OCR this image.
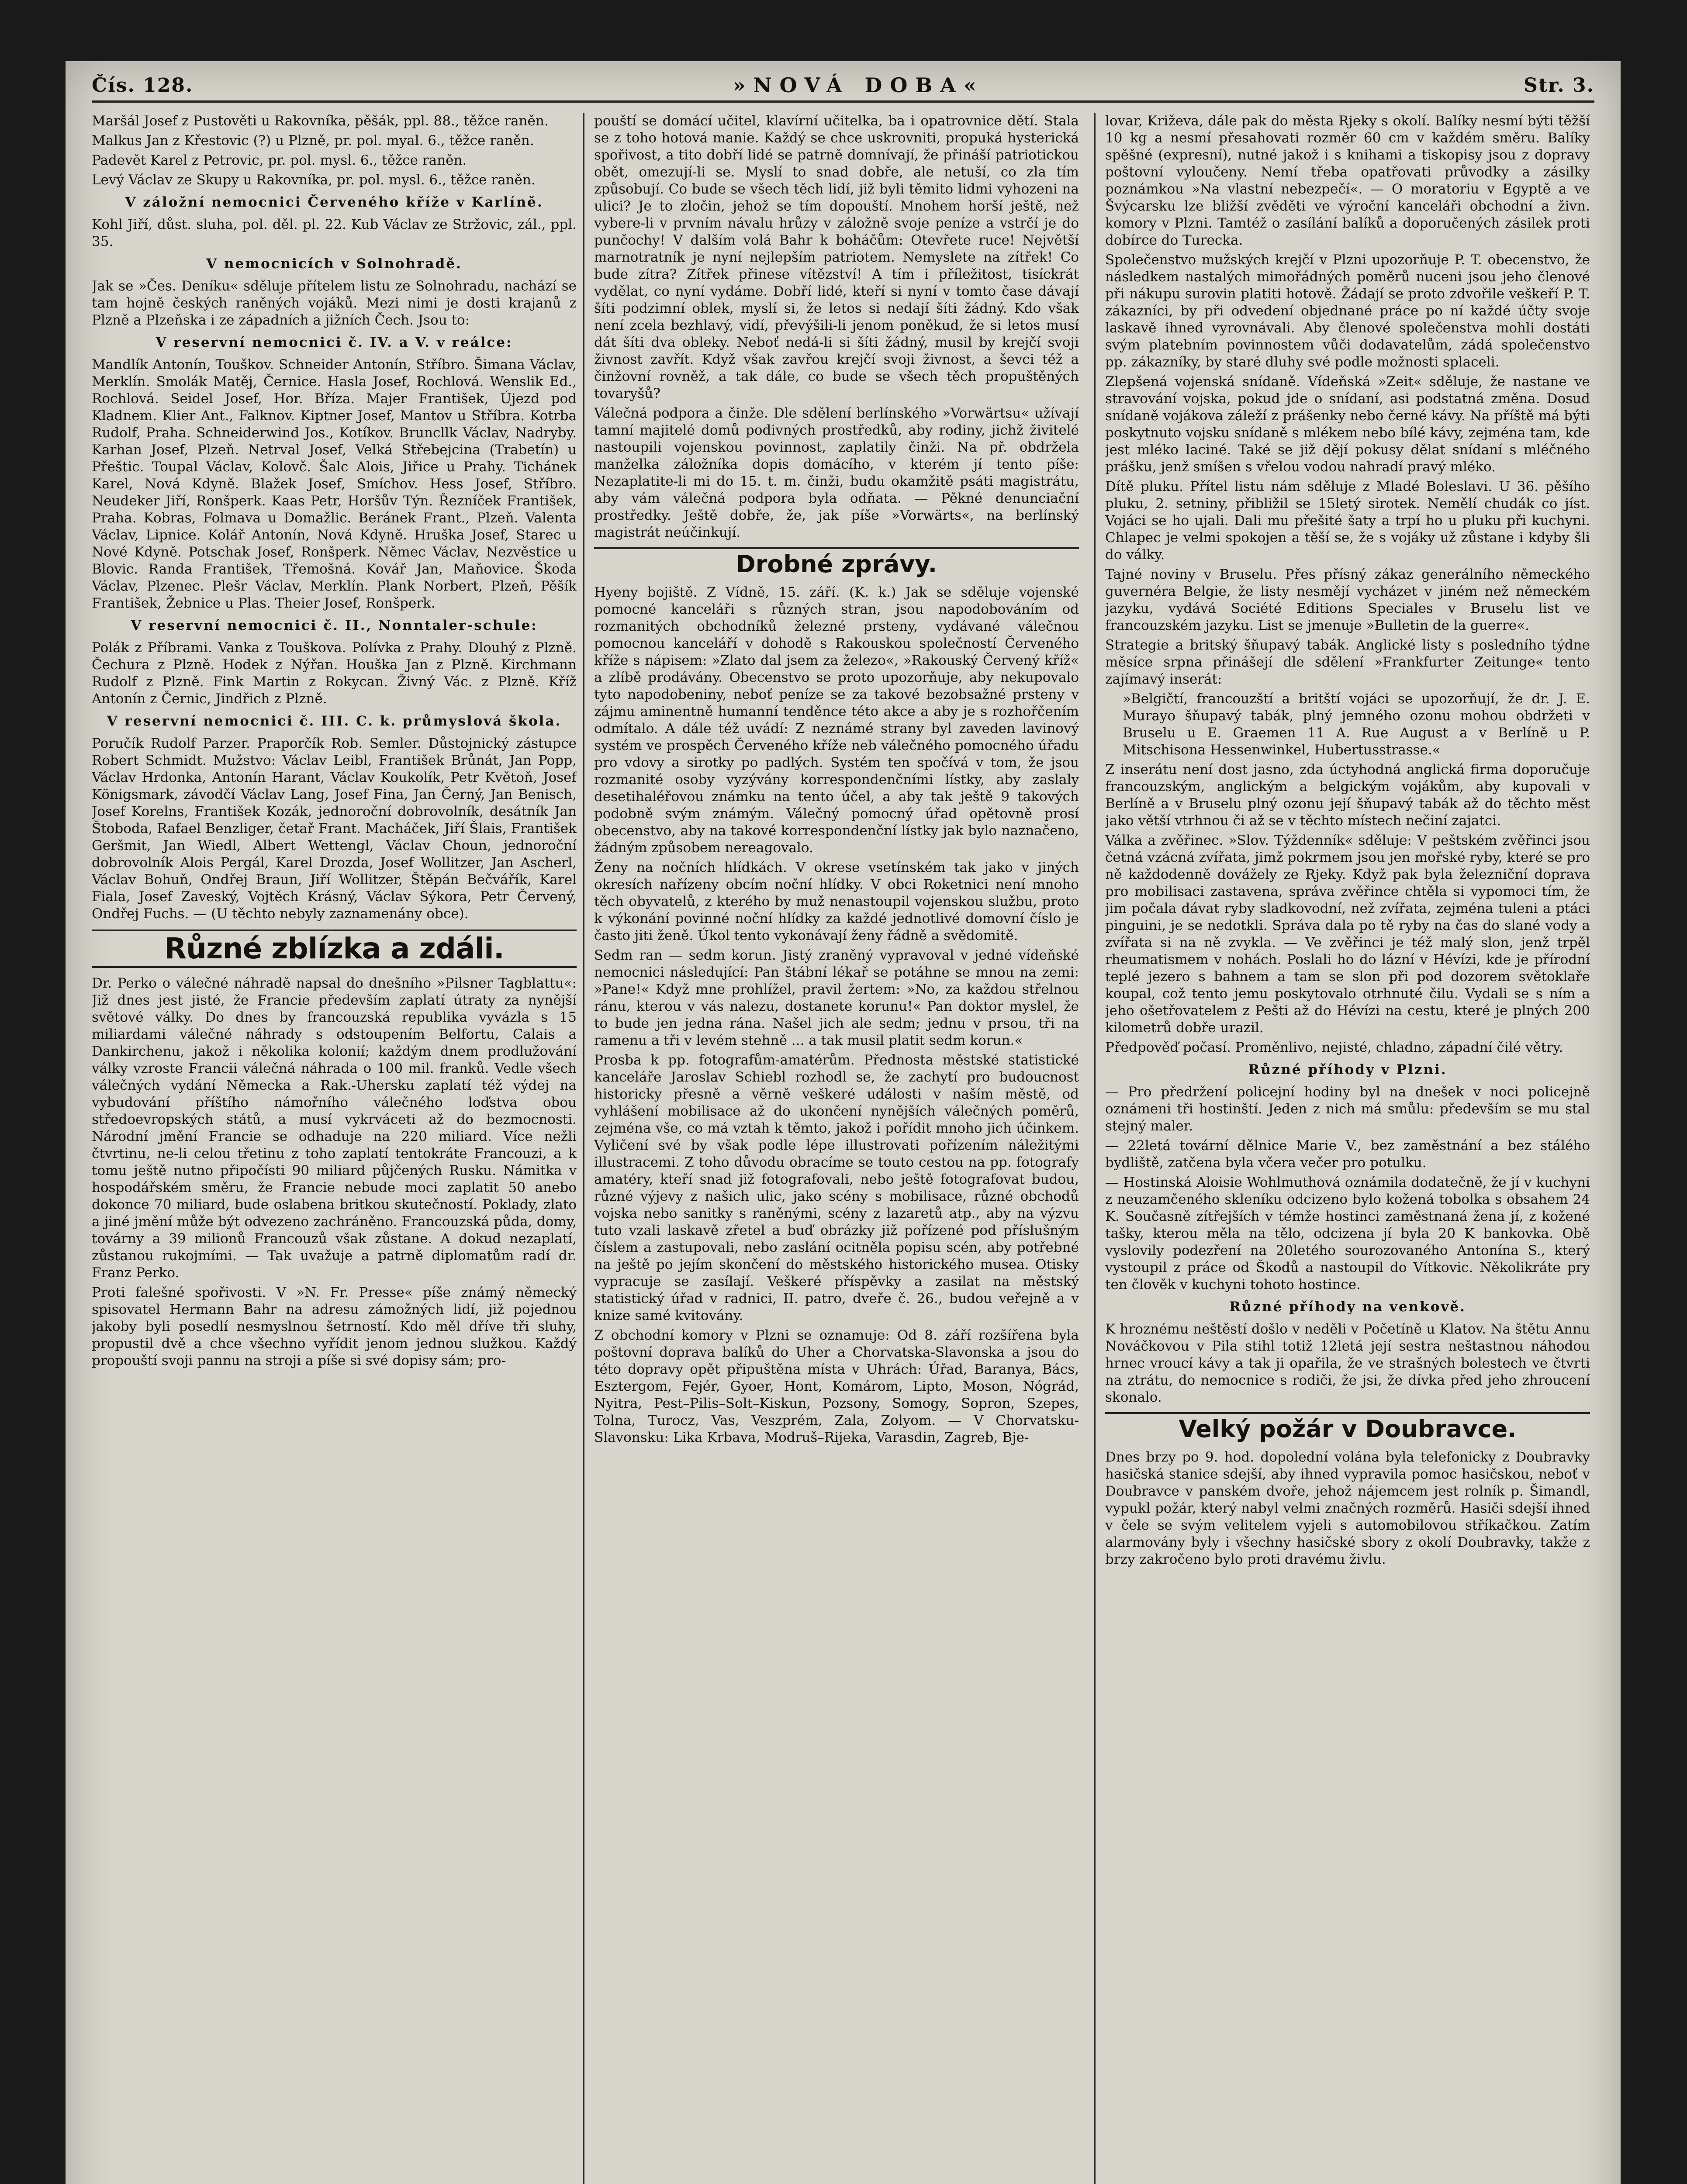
Čís. 128.	»NOVÁ DOBA«	Str. 3.

Maršál Josef z Pustověti u Rakovníka, pěšák, ppl. 88., těžce raněn.

Malkus Jan z Křestovic (?) u Plzně, pr. pol. myal. 6., těžce raněn.

Padevět Karel z Petrovic, pr. pol. mysl. 6., těžce raněn.

Levý Václav ze Skupy u Rakovníka, pr. pol. mysl. 6., těžce raněn.

V záložní nemocnici Červeného kříže v Karlíně.

Kohl Jiří, důst. sluha, pol. děl. pl. 22. Kub Václav ze Stržovic, zál., ppl. 35.

V nemocnicích v Solnohradě.

Jak se »Čes. Deníku« sděluje přítelem listu ze Solnohradu, nachází se tam hojně českých raněných vojáků. Mezi nimi je dosti krajanů z Plzně a Plzeňska i ze západních a jižních Čech. Jsou to:

V reservní nemocnici č. IV. a V. v reálce:

Mandlík Antonín, Touškov. Schneider Antonín, Stříbro. Šimana Václav, Merklín. Smolák Matěj, Černice. Hasla Josef, Rochlová. Wenslik Ed., Rochlová. Seidel Josef, Hor. Bříza. Majer František, Újezd pod Kladnem. Klier Ant., Falknov. Kiptner Josef, Mantov u Stříbra. Kotrba Rudolf, Praha. Schneiderwind Jos., Kotíkov. Bruncllk Václav, Nadryby. Karhan Josef, Plzeň. Netrval Josef, Velká Střebejcina (Trabetín) u Přeštic. Toupal Václav, Kolovč. Šalc Alois, Jiřice u Prahy. Tichánek Karel, Nová Kdyně. Blažek Josef, Smíchov. Hess Josef, Stříbro. Neudeker Jiří, Ronšperk. Kaas Petr, Horšův Týn. Řezníček František, Praha. Kobras, Folmava u Domažlic. Beránek Frant., Plzeň. Valenta Václav, Lipnice. Kolář Antonín, Nová Kdyně. Hruška Josef, Starec u Nové Kdyně. Potschak Josef, Ronšperk. Němec Václav, Nezvěstice u Blovic. Randa František, Třemošná. Kovář Jan, Maňovice. Škoda Václav, Plzenec. Plešr Václav, Merklín. Plank Norbert, Plzeň, Pěšík František, Žebnice u Plas. Theier Josef, Ronšperk.

V reservní nemocnici č. II., Nonntaler-schule:

Polák z Příbrami. Vanka z Touškova. Polívka z Prahy. Dlouhý z Plzně. Čechura z Plzně. Hodek z Nýřan. Houška Jan z Plzně. Kirchmann Rudolf z Plzně. Fink Martin z Rokycan. Živný Vác. z Plzně. Kříž Antonín z Černic, Jindřich z Plzně.

V reservní nemocnici č. III. C. k. průmyslová škola.

Poručík Rudolf Parzer. Praporčík Rob. Semler. Důstojnický zástupce Robert Schmidt. Mužstvo: Václav Leibl, František Brůnát, Jan Popp, Václav Hrdonka, Antonín Harant, Václav Koukolík, Petr Květoň, Josef Königsmark, závodčí Václav Lang, Josef Fina, Jan Černý, Jan Benisch, Josef Korelns, František Kozák, jednoroční dobrovolník, desátník Jan Štoboda, Rafael Benzliger, četař Frant. Macháček, Jiří Šlais, František Geršmit, Jan Wiedl, Albert Wettengl, Václav Choun, jednoroční dobrovolník Alois Pergál, Karel Drozda, Josef Wollitzer, Jan Ascherl, Václav Bohuň, Ondřej Braun, Jiří Wollitzer, Štěpán Bečvářík, Karel Fiala, Josef Zaveský, Vojtěch Krásný, Václav Sýkora, Petr Červený, Ondřej Fuchs. — (U těchto nebyly zaznamenány obce).

Různé zblízka a zdáli.

Dr. Perko o válečné náhradě napsal do dnešního »Pilsner Tagblattu«: Již dnes jest jisté, že Francie především zaplatí útraty za nynější světové války. Do dnes by francouzská republika vyvázla s 15 miliardami válečné náhrady s odstoupením Belfortu, Calais a Dankirchenu, jakož i několika kolonií; každým dnem prodlužování války vzroste Francii válečná náhrada o 100 mil. franků. Vedle všech válečných vydání Německa a Rak.-Uhersku zaplatí též výdej na vybudování příštího námořního válečného loďstva obou středoevropských států, a musí vykrváceti až do bezmocnosti. Národní jmění Francie se odhaduje na 220 miliard. Více nežli čtvrtinu, ne-li celou třetinu z toho zaplatí tentokráte Francouzi, a k tomu ještě nutno připočísti 90 miliard půjčených Rusku. Námitka v hospodářském směru, že Francie nebude moci zaplatit 50 anebo dokonce 70 miliard, bude oslabena britkou skutečností. Poklady, zlato a jiné jmění může být odvezeno zachráněno. Francouzská půda, domy, továrny a 39 milionů Francouzů však zůstane. A dokud nezaplatí, zůstanou rukojmími. — Tak uvažuje a patrně diplomatům radí dr. Franz Perko.

Proti falešné spořivosti. V »N. Fr. Presse« píše známý německý spisovatel Hermann Bahr na adresu zámožných lidí, již pojednou jakoby byli posedlí nesmyslnou šetrností. Kdo měl dříve tři sluhy, propustil dvě a chce všechno vyřídit jenom jednou služkou. Každý propouští svoji pannu na stroji a píše si své dopisy sám; pro-

pouští se domácí učitel, klavírní učitelka, ba i opatrovnice dětí. Stala se z toho hotová manie. Každý se chce uskrovniti, propuká hysterická spořivost, a tito dobří lidé se patrně domnívají, že přináší patriotickou obět, omezují-li se. Myslí to snad dobře, ale netuší, co zla tím způsobují. Co bude se všech těch lidí, již byli těmito lidmi vyhozeni na ulici? Je to zločin, jehož se tím dopouští. Mnohem horší ještě, než vybere-li v prvním návalu hrůzy v záložně svoje peníze a vstrčí je do punčochy! V dalším volá Bahr k boháčům: Otevřete ruce! Největší marnotratník je nyní nejlepším patriotem. Nemyslete na zítřek! Co bude zítra? Zítřek přinese vítězství! A tím i příležitost, tisíckrát vydělat, co nyní vydáme. Dobří lidé, kteří si nyní v tomto čase dávají šíti podzimní oblek, myslí si, že letos si nedají šíti žádný. Kdo však není zcela bezhlavý, vidí, převýšili-li jenom poněkud, že si letos musí dát šíti dva obleky. Neboť nedá-li si šíti žádný, musil by krejčí svoji živnost zavřít. Když však zavřou krejčí svoji živnost, a ševci též a činžovní rovněž, a tak dále, co bude se všech těch propuštěných tovaryšů?

Válečná podpora a činže. Dle sdělení berlínského »Vorwärtsu« užívají tamní majitelé domů podivných prostředků, aby rodiny, jichž živitelé nastoupili vojenskou povinnost, zaplatily činži. Na př. obdržela manželka záložníka dopis domácího, v kterém jí tento píše: Nezaplatite-li mi do 15. t. m. činži, budu okamžitě psáti magistrátu, aby vám válečná podpora byla odňata. — Pěkné denunciační prostředky. Ještě dobře, že, jak píše »Vorwärts«, na berlínský magistrát neúčinkují.

Drobné zprávy.

Hyeny bojiště. Z Vídně, 15. září. (K. k.) Jak se sděluje vojenské pomocné kanceláři s různých stran, jsou napodobováním od rozmanitých obchodníků železné prsteny, vydávané válečnou pomocnou kanceláří v dohodě s Rakouskou společností Červeného kříže s nápisem: »Zlato dal jsem za železo«, »Rakouský Červený kříž« a zlíbě prodávány. Obecenstvo se proto upozorňuje, aby nekupovalo tyto napodobeniny, neboť peníze se za takové bezobsažné prsteny v zájmu aminentně humanní tenděnce této akce a aby je s rozhořčením odmítalo. A dále též uvádí: Z neznámé strany byl zaveden lavinový systém ve prospěch Červeného kříže neb válečného pomocného úřadu pro vdovy a sirotky po padlých. Systém ten spočívá v tom, že jsou rozmanité osoby vyzývány korrespondenčními lístky, aby zaslaly desetihaléřovou známku na tento účel, a aby tak ještě 9 takových podobně svým známým. Válečný pomocný úřad opětovně prosí obecenstvo, aby na takové korrespondenční lístky jak bylo naznačeno, žádným způsobem nereagovalo.

Ženy na nočních hlídkách. V okrese vsetínském tak jako v jiných okresích nařízeny obcím noční hlídky. V obci Roketnici není mnoho těch obyvatelů, z kterého by muž nenastoupil vojenskou službu, proto k výkonání povinné noční hlídky za každé jednotlivé domovní číslo je často jiti ženě. Úkol tento vykonávají ženy řádně a svědomitě.

Sedm ran — sedm korun. Jistý zraněný vypravoval v jedné vídeňské nemocnici následující: Pan štábní lékař se potáhne se mnou na zemi: »Pane!« Když mne prohlížel, pravil žertem: »No, za každou střelnou ránu, kterou v vás nalezu, dostanete korunu!« Pan doktor myslel, že to bude jen jedna rána. Našel jich ale sedm; jednu v prsou, tři na ramenu a tři v levém stehně ... a tak musil platit sedm korun.«

Prosba k pp. fotografům-amatérům. Přednosta městské statistické kanceláře Jaroslav Schiebl rozhodl se, že zachytí pro budoucnost historicky přesně a věrně veškeré události v naším městě, od vyhlášení mobilisace až do ukončení nynějších válečných poměrů, zejména vše, co má vztah k těmto, jakož i pořídit mnoho jich účinkem. Vyličení své by však podle lépe illustrovati pořízením náležitými illustracemi. Z toho důvodu obracíme se touto cestou na pp. fotografy amatéry, kteří snad již fotografovali, nebo ještě fotografovat budou, různé výjevy z našich ulic, jako scény s mobilisace, různé obchodů vojska nebo sanitky s raněnými, scény z lazaretů atp., aby na výzvu tuto vzali laskavě zřetel a buď obrázky již pořízené pod příslušným číslem a zastupovali, nebo zaslání ocitněla popisu scén, aby potřebné na ještě po jejím skončení do městského historického musea. Otisky vypracuje se zasílají. Veškeré příspěvky a zasilat na městský statistický úřad v radnici, II. patro, dveře č. 26., budou veřejně a v knize samé kvitovány.

Z obchodní komory v Plzni se oznamuje: Od 8. září rozšířena byla poštovní doprava balíků do Uher a Chorvatska-Slavonska a jsou do této dopravy opět připuštěna místa v Uhrách: Úřad, Baranya, Bács, Esztergom, Fejér, Gyoer, Hont, Komárom, Lipto, Moson, Nógrád, Nyitra, Pest–Pilis–Solt–Kiskun, Pozsony, Somogy, Sopron, Szepes, Tolna, Turocz, Vas, Veszprém, Zala, Zolyom. — V Chorvatsku-Slavonsku: Lika Krbava, Modruš–Rijeka, Varasdin, Zagreb, Bje-

lovar, Križeva, dále pak do města Rjeky s okolí. Balíky nesmí býti těžší 10 kg a nesmí přesahovati rozměr 60 cm v každém směru. Balíky spěšné (expresní), nutné jakož i s knihami a tiskopisy jsou z dopravy poštovní vyloučeny. Nemí třeba opatřovati průvodky a zásilky poznámkou »Na vlastní nebezpečí«. — O moratoriu v Egyptě a ve Švýcarsku lze bližší zvěděti ve výroční kanceláři obchodní a živn. komory v Plzni. Tamtéž o zasílání balíků a doporučených zásilek proti dobírce do Turecka.

Společenstvo mužských krejčí v Plzni upozorňuje P. T. obecenstvo, že následkem nastalých mimořádných poměrů nuceni jsou jeho členové při nákupu surovin platiti hotově. Žádají se proto zdvořile veškeří P. T. zákazníci, by při odvedení objednané práce po ní každé účty svoje laskavě ihned vyrovnávali. Aby členové společenstva mohli dostáti svým platebním povinnostem vůči dodavatelům, zádá společenstvo pp. zákazníky, by staré dluhy své podle možnosti splaceli.

Zlepšená vojenská snídaně. Vídeňská »Zeit« sděluje, že nastane ve stravování vojska, pokud jde o snídaní, asi podstatná změna. Dosud snídaně vojákova záleží z prášenky nebo černé kávy. Na příště má býti poskytnuto vojsku snídaně s mlékem nebo bílé kávy, zejména tam, kde jest mléko laciné. Také se již dějí pokusy dělat snídaní s mléčného prášku, jenž smíšen s vřelou vodou nahradí pravý mléko.

Dítě pluku. Přítel listu nám sděluje z Mladé Boleslavi. U 36. pěšího pluku, 2. setniny, přibližil se 15letý sirotek. Nemělí chudák co jíst. Vojáci se ho ujali. Dali mu přešité šaty a trpí ho u pluku při kuchyni. Chlapec je velmi spokojen a těší se, že s vojáky už zůstane i kdyby šli do války.

Tajné noviny v Bruselu. Přes přísný zákaz generálního německého guvernéra Belgie, že listy nesmějí vycházet v jiném než německém jazyku, vydává Société Editions Speciales v Bruselu list ve francouzském jazyku. List se jmenuje »Bulletin de la guerre«.

Strategie a britský šňupavý tabák. Anglické listy s posledního týdne měsíce srpna přinášejí dle sdělení »Frankfurter Zeitunge« tento zajímavý inserát:

»Belgičtí, francouzští a britští vojáci se upozorňují, že dr. J. E. Murayo šňupavý tabák, plný jemného ozonu mohou obdržeti v Bruselu u E. Graemen 11 A. Rue August a v Berlíně u P. Mitschisona Hessenwinkel, Hubertusstrasse.«

Z inserátu není dost jasno, zda úctyhodná anglická firma doporučuje francouzským, anglickým a belgickým vojákům, aby kupovali v Berlíně a v Bruselu plný ozonu její šňupavý tabák až do těchto měst jako větší vtrhnou či až se v těchto místech nečiní zajatci.

Válka a zvěřinec. »Slov. Týždenník« sděluje: V peštském zvěřinci jsou četná vzácná zvířata, jimž pokrmem jsou jen mořské ryby, které se pro ně každodenně dovážely ze Rjeky. Když pak byla železniční doprava pro mobilisaci zastavena, správa zvěřince chtěla si vypomoci tím, že jim počala dávat ryby sladkovodní, než zvířata, zejména tuleni a ptáci pinguini, je se nedotkli. Správa dala po tě ryby na čas do slané vody a zvířata si na ně zvykla. — Ve zvěřinci je též malý slon, jenž trpěl rheumatismem v nohách. Poslali ho do lázní v Hévízi, kde je přírodní teplé jezero s bahnem a tam se slon při pod dozorem světoklaře koupal, což tento jemu poskytovalo otrhnuté čilu. Vydali se s ním a jeho ošetřovatelem z Pešti až do Hévízi na cestu, které je plných 200 kilometrů dobře urazil.

Předpověď počasí. Proměnlivo, nejisté, chladno, západní čilé větry.

Různé příhody v Plzni.

— Pro předržení policejní hodiny byl na dnešek v noci policejně oznámeni tři hostinští. Jeden z nich má smůlu: především se mu stal stejný maler.

— 22letá tovární dělnice Marie V., bez zaměstnání a bez stálého bydliště, zatčena byla včera večer pro potulku.

— Hostinská Aloisie Wohlmuthová oznámila dodatečně, že jí v kuchyni z neuzamčeného skleníku odcizeno bylo kožená tobolka s obsahem 24 K. Současně zítřejších v témže hostinci zaměstnaná žena jí, z kožené tašky, kterou měla na tělo, odcizena jí byla 20 K bankovka. Obě vyslovily podezření na 20letého sourozovaného Antonína S., který vystoupil z práce od Škodů a nastoupil do Vítkovic. Několikráte pry ten člověk v kuchyni tohoto hostince.

Různé příhody na venkově.

K hroznému neštěstí došlo v neděli v Početíně u Klatov. Na štětu Annu Nováčkovou v Pila stihl totiž 12letá její sestra neštastnou náhodou hrnec vroucí kávy a tak ji opařila, že ve strašných bolestech ve čtvrti na ztrátu, do nemocnice s rodiči, že jsi, že dívka před jeho zhroucení skonalo.

Velký požár v Doubravce.

Dnes brzy po 9. hod. dopolední volána byla telefonicky z Doubravky hasičská stanice sdejší, aby ihned vypravila pomoc hasičskou, neboť v Doubravce v panském dvoře, jehož nájemcem jest rolník p. Šimandl, vypukl požár, který nabyl velmi značných rozměrů. Hasiči sdejší ihned v čele se svým velitelem vyjeli s automobilovou stříkačkou. Zatím alarmovány byly i všechny hasičské sbory z okolí Doubravky, takže z brzy zakročeno bylo proti dravému živlu.
